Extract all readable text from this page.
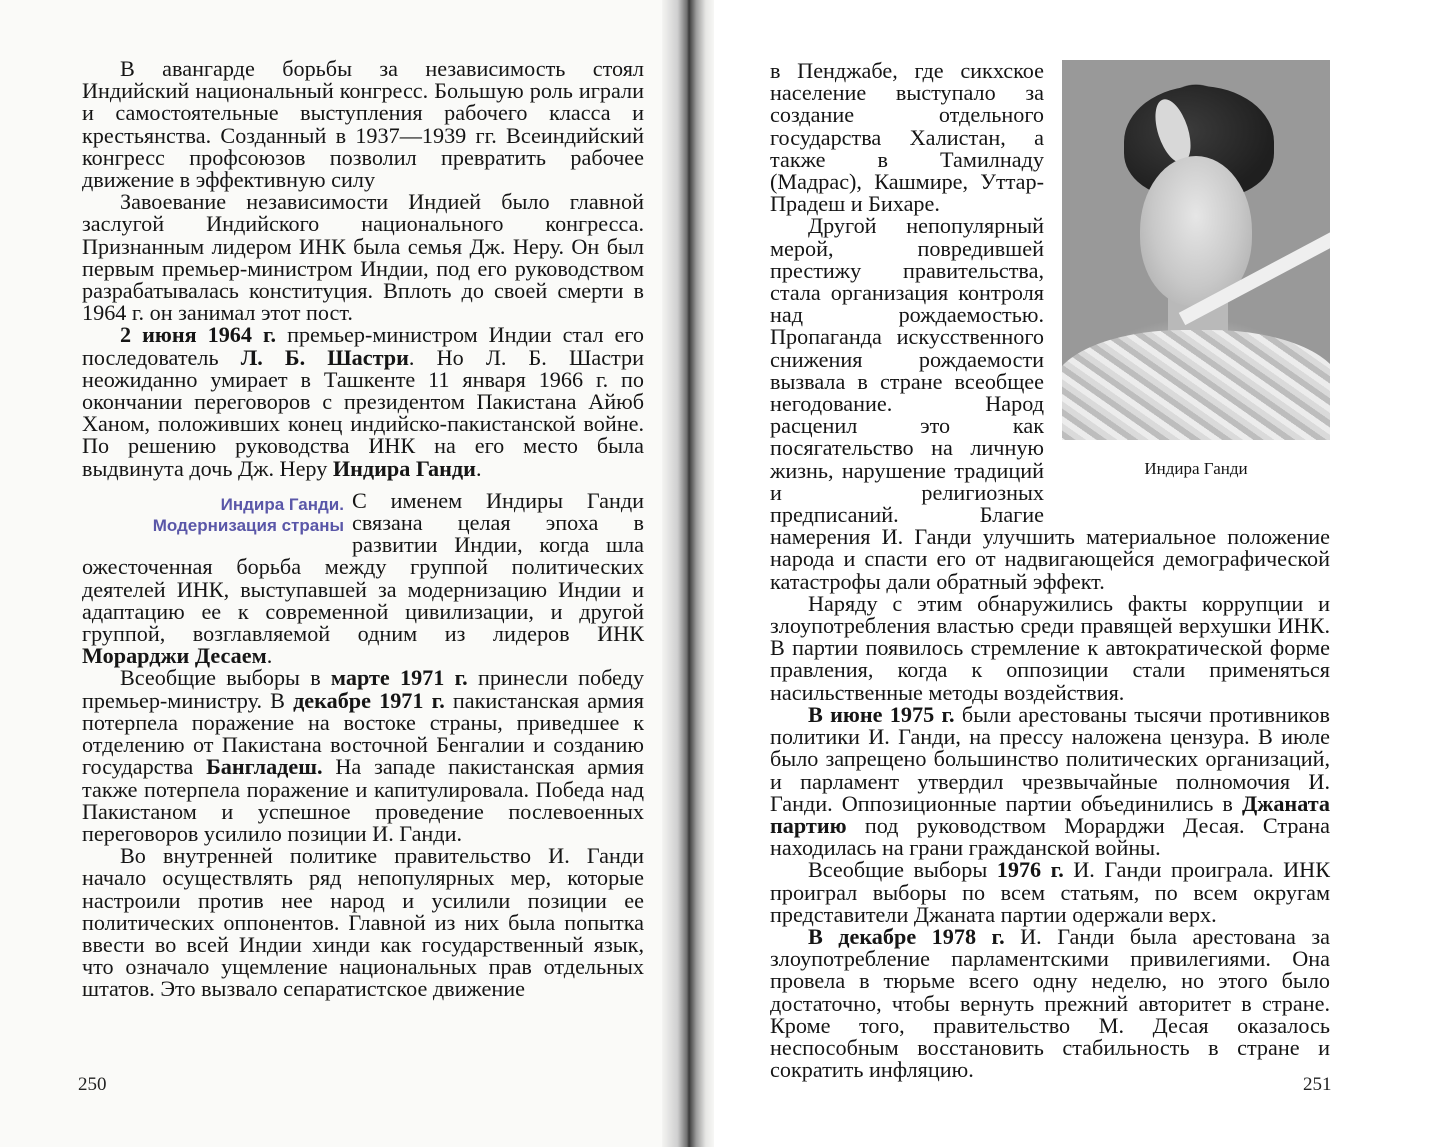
В авангарде борьбы за независимость стоял Индийский национальный конгресс. Большую роль играли и самостоятельные выступления рабочего класса и крестьянства. Созданный в 1937—1939 гг. Всеиндийский конгресс профсоюзов позволил превратить рабочее движение в эффективную силу

Завоевание независимости Индией было главной заслугой Индийского национального конгресса. Признанным лидером ИНК была семья Дж. Неру. Он был первым премьер-министром Индии, под его руководством разрабатывалась конституция. Вплоть до своей смерти в 1964 г. он занимал этот пост.

2 июня 1964 г. премьер-министром Индии стал его последователь Л. Б. Шастри. Но Л. Б. Шастри неожиданно умирает в Ташкенте 11 января 1966 г. по окончании переговоров с президентом Пакистана Айюб Ханом, положивших конец индийско-пакистанской войне. По решению руководства ИНК на его место была выдвинута дочь Дж. Неру Индира Ганди.

Индира Ганди.
Модернизация страны

С именем Индиры Ганди связана целая эпоха в развитии Индии, когда шла ожесточенная борьба между группой политических деятелей ИНК, выступавшей за модернизацию Индии и адаптацию ее к современной цивилизации, и другой группой, возглавляемой одним из лидеров ИНК Морарджи Десаем.

Всеобщие выборы в марте 1971 г. принесли победу премьер-министру. В декабре 1971 г. пакистанская армия потерпела поражение на востоке страны, приведшее к отделению от Пакистана восточной Бенгалии и созданию государства Бангладеш. На западе пакистанская армия также потерпела поражение и капитулировала. Победа над Пакистаном и успешное проведение послевоенных переговоров усилило позиции И. Ганди.

Во внутренней политике правительство И. Ганди начало осуществлять ряд непопулярных мер, которые настроили против нее народ и усилили позиции ее политических оппонентов. Главной из них была попытка ввести во всей Индии хинди как государственный язык, что означало ущемление национальных прав отдельных штатов. Это вызвало сепаратистское движение

250
Индира Ганди

в Пенджабе, где сикхское население выступало за создание отдельного государства Халистан, а также в Тамилнаду (Мадрас), Кашмире, Уттар-Прадеш и Бихаре.

Другой непопулярный мерой, повредившей престижу правительства, стала организация контроля над рождаемостью. Пропаганда искусственного снижения рождаемости вызвала в стране всеобщее негодование. Народ расценил это как посягательство на личную жизнь, нарушение традиций и религиозных предписаний. Благие намерения И. Ганди улучшить материальное положение народа и спасти его от надвигающейся демографической катастрофы дали обратный эффект.

Наряду с этим обнаружились факты коррупции и злоупотребления властью среди правящей верхушки ИНК. В партии появилось стремление к автократической форме правления, когда к оппозиции стали применяться насильственные методы воздействия.

В июне 1975 г. были арестованы тысячи противников политики И. Ганди, на прессу наложена цензура. В июле было запрещено большинство политических организаций, и парламент утвердил чрезвычайные полномочия И. Ганди. Оппозиционные партии объединились в Джаната партию под руководством Морарджи Десая. Страна находилась на грани гражданской войны.

Всеобщие выборы 1976 г. И. Ганди проиграла. ИНК проиграл выборы по всем статьям, по всем округам представители Джаната партии одержали верх.

В декабре 1978 г. И. Ганди была арестована за злоупотребление парламентскими привилегиями. Она провела в тюрьме всего одну неделю, но этого было достаточно, чтобы вернуть прежний авторитет в стране. Кроме того, правительство М. Десая оказалось неспособным восстановить стабильность в стране и сократить инфляцию.

251
